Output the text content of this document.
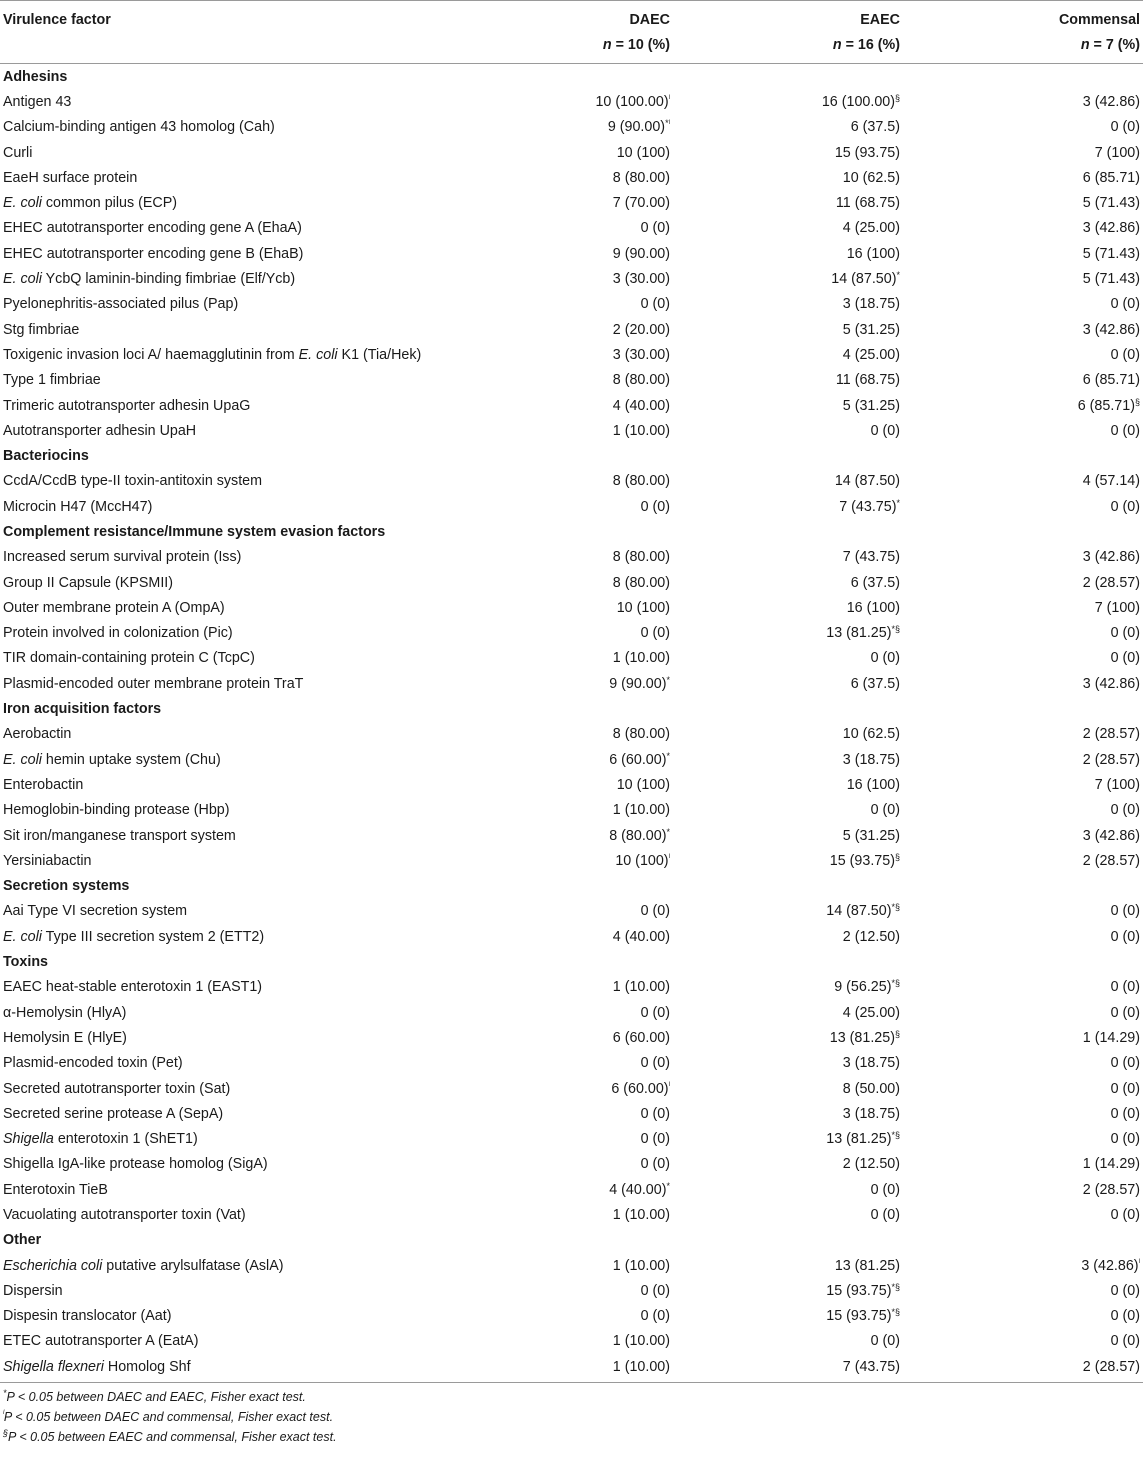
Virulence factor	DAEC	EAEC	Commensal
	n = 10 (%)	n = 16 (%)	n = 7 (%)
Adhesins			
Antigen 43	10 $(100.00)^ˡ$	16 (100.00)§	3 (42.86)
Calcium-binding antigen 43 homolog (Cah)	9 $(90.00)^{*ˡ}$	6 (37.5)	0 (0)
Curli	10 (100)	15 (93.75)	7 (100)
EaeH surface protein	8 (80.00)	10 (62.5)	6 (85.71)
E. coli common pilus (ECP)	7 (70.00)	11 (68.75)	5 (71.43)
EHEC autotransporter encoding gene A (EhaA)	0 (0)	4 (25.00)	3 (42.86)
EHEC autotransporter encoding gene B (EhaB)	9 (90.00)	16 (100)	5 (71.43)
E. coli YcbQ laminin-binding fimbriae (Elf/Ycb)	3 (30.00)	14 (87.50)*	5 (71.43)
Pyelonephritis-associated pilus (Pap)	0 (0)	3 (18.75)	0 (0)
Stg fimbriae	2 (20.00)	5 (31.25)	3 (42.86)
Toxigenic invasion loci A/ haemagglutinin from E. coli K1 (Tia/Hek)	3 (30.00)	4 (25.00)	0 (0)
Type 1 fimbriae	8 (80.00)	11 (68.75)	6 (85.71)
Trimeric autotransporter adhesin UpaG	4 (40.00)	5 (31.25)	6 (85.71)§
Autotransporter adhesin UpaH	1 (10.00)	0 (0)	0 (0)
Bacteriocins			
CcdA/CcdB type-II toxin-antitoxin system	8 (80.00)	14 (87.50)	4 (57.14)
Microcin H47 (MccH47)	0 (0)	7 (43.75)*	0 (0)
Complement resistance/Immune system evasion factors			
Increased serum survival protein (Iss)	8 (80.00)	7 (43.75)	3 (42.86)
Group II Capsule (KPSMII)	8 (80.00)	6 (37.5)	2 (28.57)
Outer membrane protein A (OmpA)	10 (100)	16 (100)	7 (100)
Protein involved in colonization (Pic)	0 (0)	13 (81.25)*§	0 (0)
TIR domain-containing protein C (TcpC)	1 (10.00)	0 (0)	0 (0)
Plasmid-encoded outer membrane protein TraT	9 (90.00)*	6 (37.5)	3 (42.86)
Iron acquisition factors			
Aerobactin	8 (80.00)	10 (62.5)	2 (28.57)
E. coli hemin uptake system (Chu)	6 (60.00)*	3 (18.75)	2 (28.57)
Enterobactin	10 (100)	16 (100)	7 (100)
Hemoglobin-binding protease (Hbp)	1 (10.00)	0 (0)	0 (0)
Sit iron/manganese transport system	8 (80.00)*	5 (31.25)	3 (42.86)
Yersiniabactin	10 $(100)^ˡ$	15 (93.75)§	2 (28.57)
Secretion systems			
Aai Type VI secretion system	0 (0)	14 (87.50)*§	0 (0)
E. coli Type III secretion system 2 (ETT2)	4 (40.00)	2 (12.50)	0 (0)
Toxins			
EAEC heat-stable enterotoxin 1 (EAST1)	1 (10.00)	9 (56.25)*§	0 (0)
α-Hemolysin (HlyA)	0 (0)	4 (25.00)	0 (0)
Hemolysin E (HlyE)	6 (60.00)	13 (81.25)§	1 (14.29)
Plasmid-encoded toxin (Pet)	0 (0)	3 (18.75)	0 (0)
Secreted autotransporter toxin (Sat)	6 $(60.00)^ˡ$	8 (50.00)	0 (0)
Secreted serine protease A (SepA)	0 (0)	3 (18.75)	0 (0)
Shigella enterotoxin 1 (ShET1)	0 (0)	13 (81.25)*§	0 (0)
Shigella IgA-like protease homolog (SigA)	0 (0)	2 (12.50)	1 (14.29)
Enterotoxin TieB	4 (40.00)*	0 (0)	2 (28.57)
Vacuolating autotransporter toxin (Vat)	1 (10.00)	0 (0)	0 (0)
Other			
Escherichia coli putative arylsulfatase (AslA)	1 (10.00)	13 (81.25)	3 $(42.86)^ˡ$
Dispersin	0 (0)	15 (93.75)*§	0 (0)
Dispesin translocator (Aat)	0 (0)	15 (93.75)*§	0 (0)
ETEC autotransporter A (EatA)	1 (10.00)	0 (0)	0 (0)
Shigella flexneri Homolog Shf	1 (10.00)	7 (43.75)	2 (28.57)
*P < 0.05 between DAEC and EAEC, Fisher exact test.
$^ˡ$P < 0.05 between DAEC and commensal, Fisher exact test.
§P < 0.05 between EAEC and commensal, Fisher exact test.
